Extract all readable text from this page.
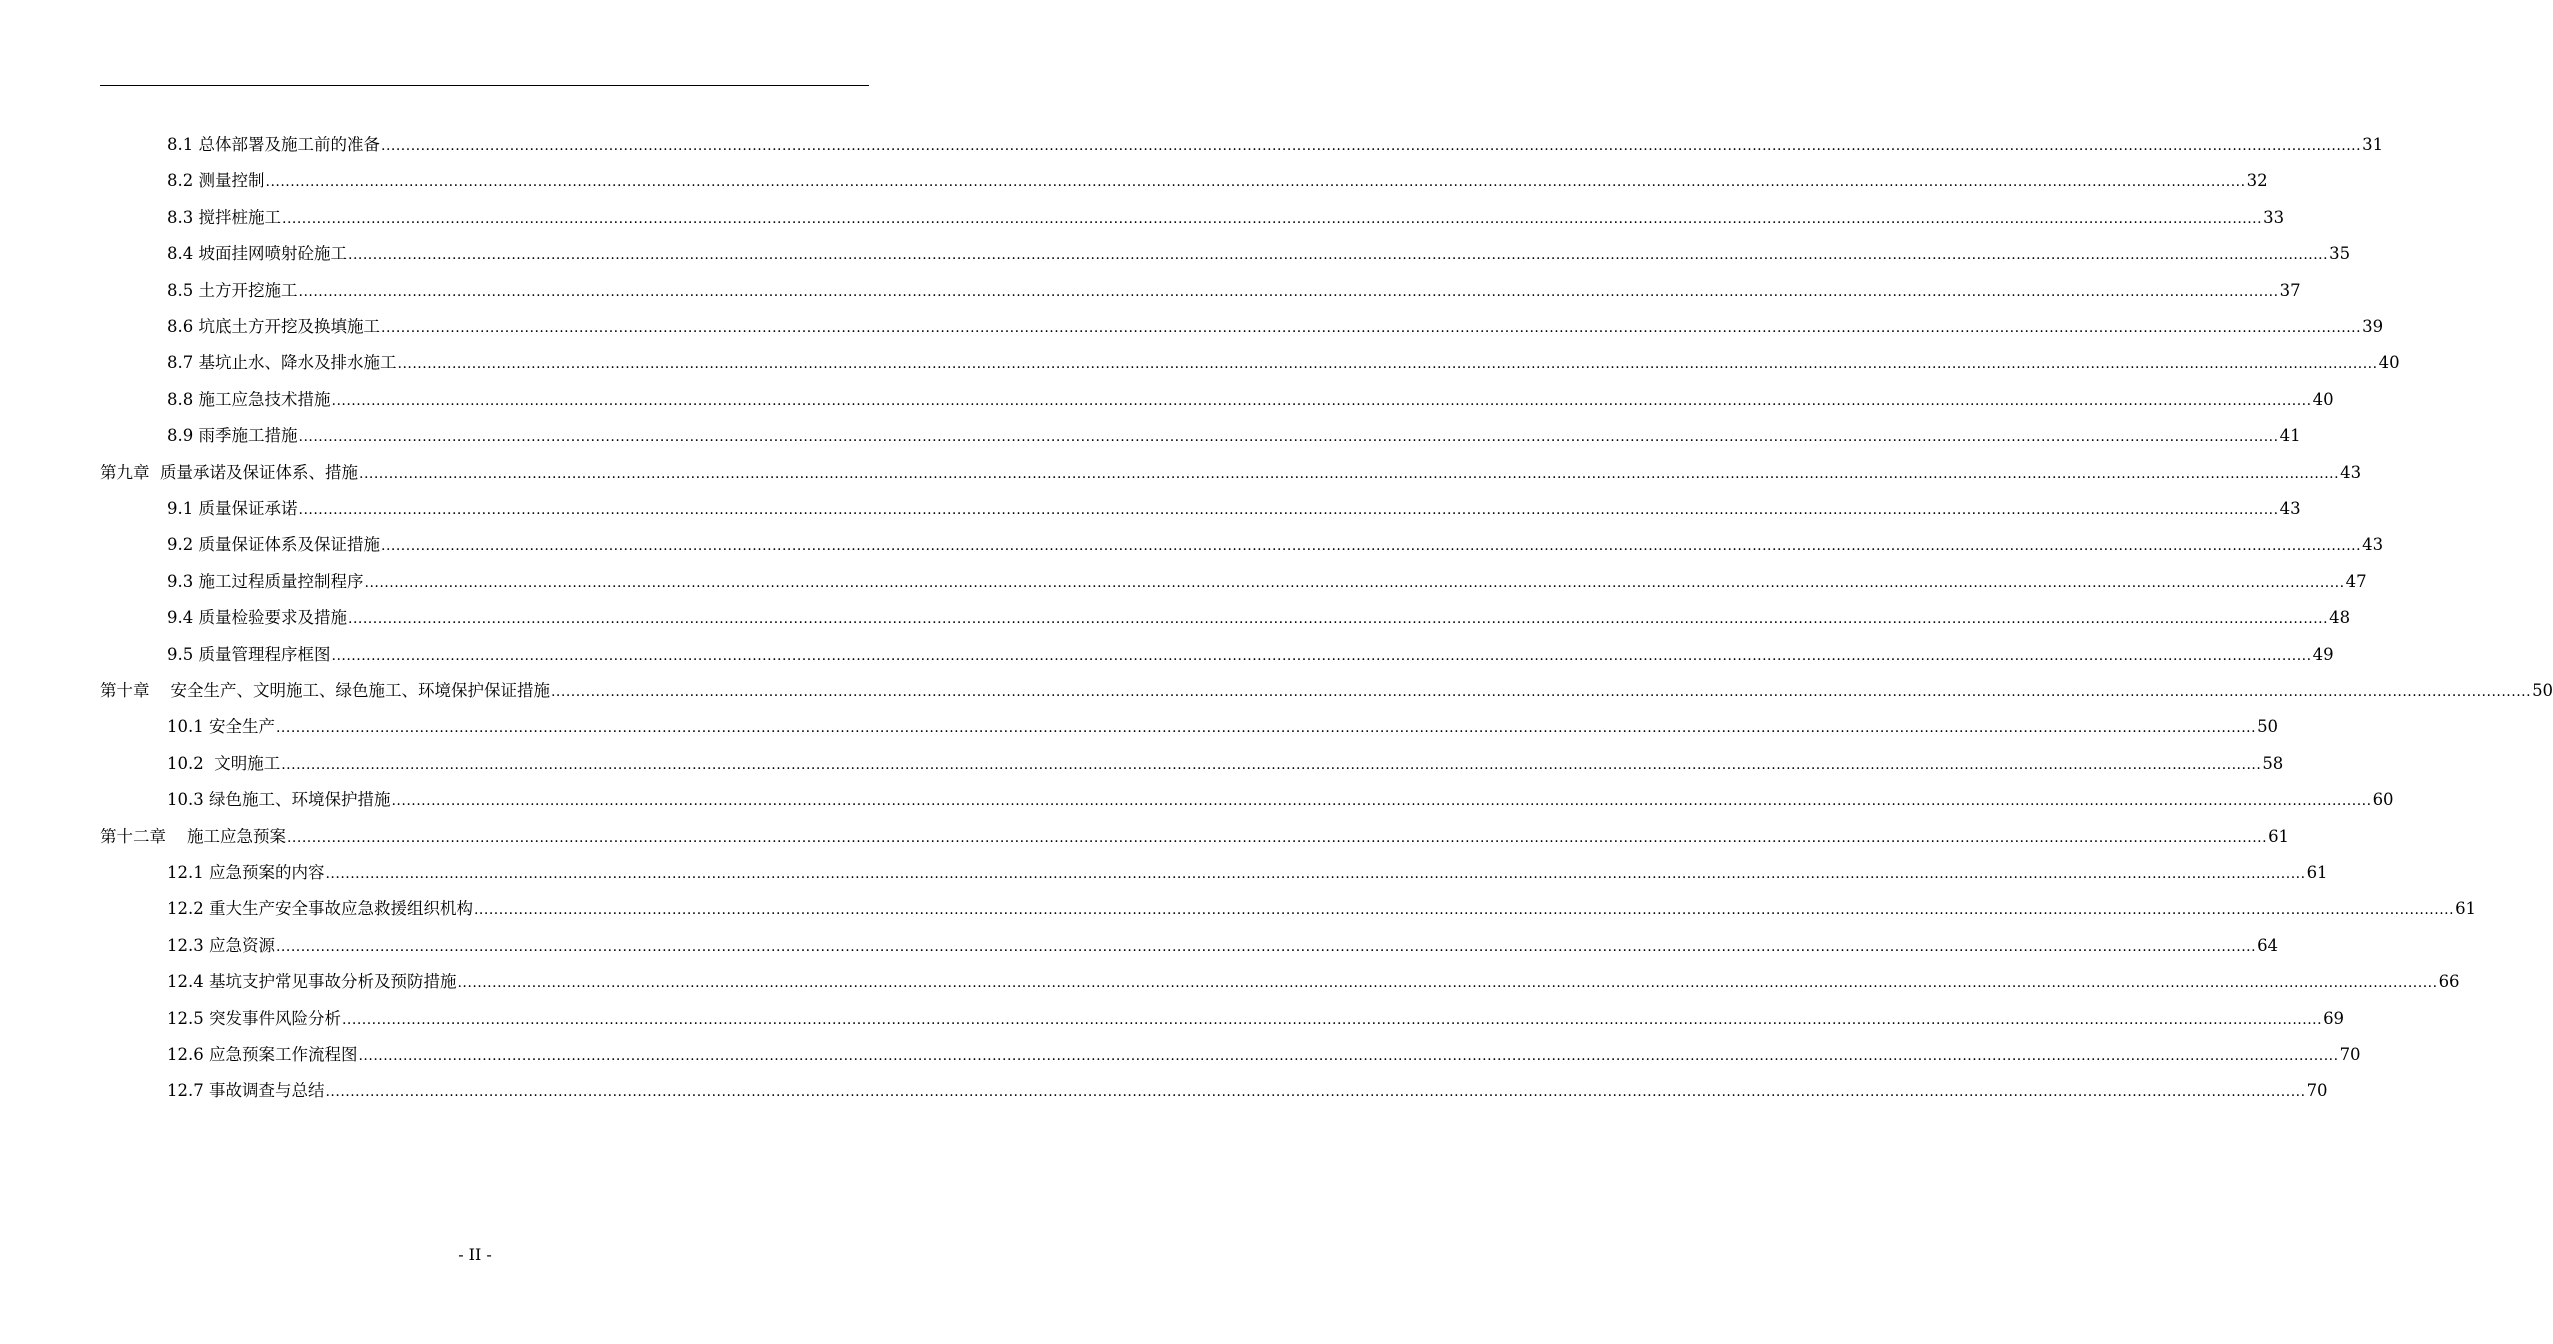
8.1 总体部署及施工前的准备 ................................................................................................................................................................................................................................................................................................................................................................................................................ 31
8.2 测量控制 ................................................................................................................................................................................................................................................................................................................................................................................................................ 32
8.3 搅拌桩施工 ................................................................................................................................................................................................................................................................................................................................................................................................................ 33
8.4 坡面挂网喷射砼施工 ................................................................................................................................................................................................................................................................................................................................................................................................................ 35
8.5 土方开挖施工 ................................................................................................................................................................................................................................................................................................................................................................................................................ 37
8.6 坑底土方开挖及换填施工 ................................................................................................................................................................................................................................................................................................................................................................................................................ 39
8.7 基坑止水、降水及排水施工 ................................................................................................................................................................................................................................................................................................................................................................................................................ 40
8.8 施工应急技术措施 ................................................................................................................................................................................................................................................................................................................................................................................................................ 40
8.9 雨季施工措施 ................................................................................................................................................................................................................................................................................................................................................................................................................ 41
第九章  质量承诺及保证体系、措施 ................................................................................................................................................................................................................................................................................................................................................................................................................ 43
9.1 质量保证承诺 ................................................................................................................................................................................................................................................................................................................................................................................................................ 43
9.2 质量保证体系及保证措施 ................................................................................................................................................................................................................................................................................................................................................................................................................ 43
9.3 施工过程质量控制程序 ................................................................................................................................................................................................................................................................................................................................................................................................................ 47
9.4 质量检验要求及措施 ................................................................................................................................................................................................................................................................................................................................................................................................................ 48
9.5 质量管理程序框图 ................................................................................................................................................................................................................................................................................................................................................................................................................ 49
第十章    安全生产、文明施工、绿色施工、环境保护保证措施 ................................................................................................................................................................................................................................................................................................................................................................................................................ 50
10.1 安全生产 ................................................................................................................................................................................................................................................................................................................................................................................................................ 50
10.2  文明施工 ................................................................................................................................................................................................................................................................................................................................................................................................................ 58
10.3 绿色施工、环境保护措施 ................................................................................................................................................................................................................................................................................................................................................................................................................ 60
第十二章    施工应急预案 ................................................................................................................................................................................................................................................................................................................................................................................................................ 61
12.1 应急预案的内容 ................................................................................................................................................................................................................................................................................................................................................................................................................ 61
12.2 重大生产安全事故应急救援组织机构 ................................................................................................................................................................................................................................................................................................................................................................................................................ 61
12.3 应急资源 ................................................................................................................................................................................................................................................................................................................................................................................................................ 64
12.4 基坑支护常见事故分析及预防措施 ................................................................................................................................................................................................................................................................................................................................................................................................................ 66
12.5 突发事件风险分析 ................................................................................................................................................................................................................................................................................................................................................................................................................ 69
12.6 应急预案工作流程图 ................................................................................................................................................................................................................................................................................................................................................................................................................ 70
12.7 事故调查与总结 ................................................................................................................................................................................................................................................................................................................................................................................................................ 70
- II -
